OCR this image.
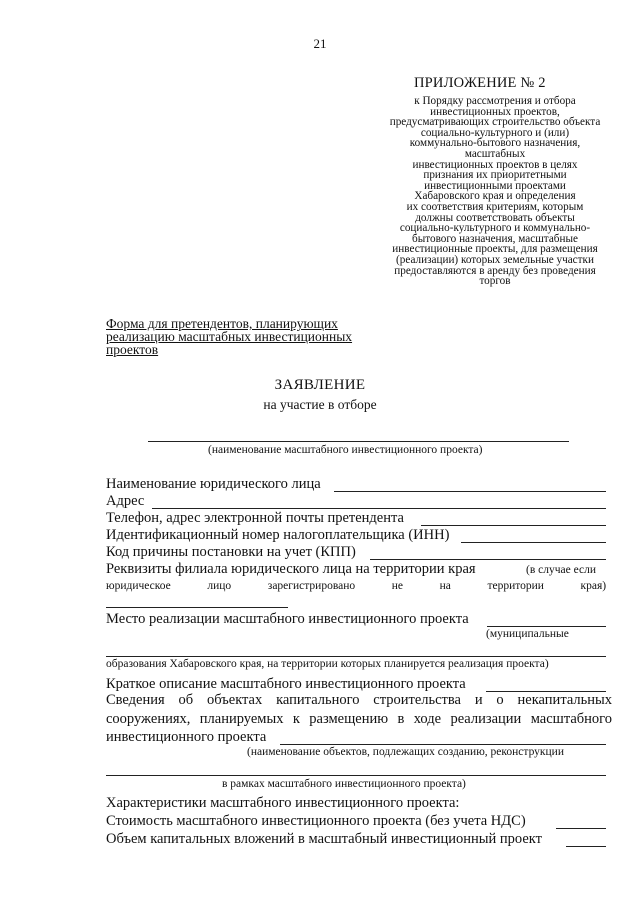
21
ПРИЛОЖЕНИЕ № 2
к Порядку рассмотрения и отбора
инвестиционных проектов,
предусматривающих строительство объекта
социально-культурного и (или)
коммунально-бытового назначения,
масштабных
инвестиционных проектов в целях
признания их приоритетными
инвестиционными проектами
Хабаровского края и определения
их соответствия критериям, которым
должны соответствовать объекты
социально-культурного и коммунально-
бытового назначения, масштабные
инвестиционные проекты, для размещения
(реализации) которых земельные участки
предоставляются в аренду без проведения
торгов
Форма для претендентов, планирующих
реализацию масштабных инвестиционных
проектов
ЗАЯВЛЕНИЕ
на участие в отборе
(наименование масштабного инвестиционного проекта)
Наименование юридического лица
Адрес
Телефон, адрес электронной почты претендента
Идентификационный номер налогоплательщика (ИНН)
Код причины постановки на учет (КПП)
Реквизиты филиала юридического лица на территории края	(в случае если
юридическое	лицо	зарегистрировано	не	на	территории	края)
Место реализации масштабного инвестиционного проекта
(муниципальные
образования Хабаровского края, на территории которых планируется реализация проекта)
Краткое описание масштабного инвестиционного проекта
Сведения об объектах капитального строительства и о некапитальных
сооружениях, планируемых к размещению в ходе реализации масштабного
инвестиционного проекта
(наименование объектов, подлежащих созданию, реконструкции
в рамках масштабного инвестиционного проекта)
Характеристики масштабного инвестиционного проекта:
Стоимость масштабного инвестиционного проекта (без учета НДС)
Объем капитальных вложений в масштабный инвестиционный проект
